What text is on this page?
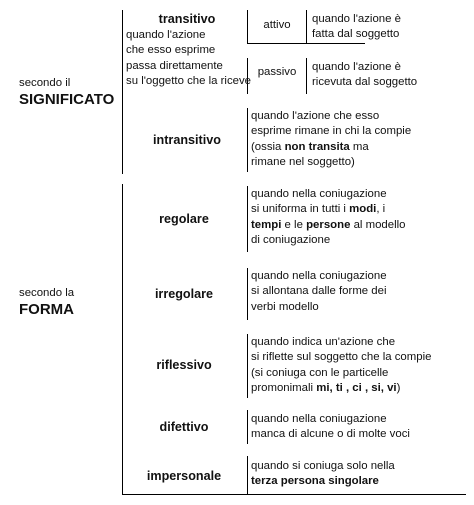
secondo il
SIGNIFICATO
transitivo
quando l'azione
che esso esprime
passa direttamente
su l'oggetto che la riceve
attivo	quando l'azione è
fatta dal soggetto
passivo	quando l'azione è
ricevuta dal soggetto
intransitivo
quando l'azione che esso
esprime rimane in chi la compie
(ossia non transita ma
rimane nel soggetto)
secondo la
FORMA
regolare
quando nella coniugazione
si uniforma in tutti i modi, i
tempi e le persone al modello
di coniugazione
irregolare
quando nella coniugazione
si allontana dalle forme dei
verbi modello
riflessivo
quando indica un'azione che
si riflette sul soggetto che la compie
(si coniuga con le particelle
promonimali mi, ti , ci , si, vi)
difettivo
quando nella coniugazione
manca di alcune o di molte voci
impersonale
quando si coniuga solo nella
terza persona singolare
